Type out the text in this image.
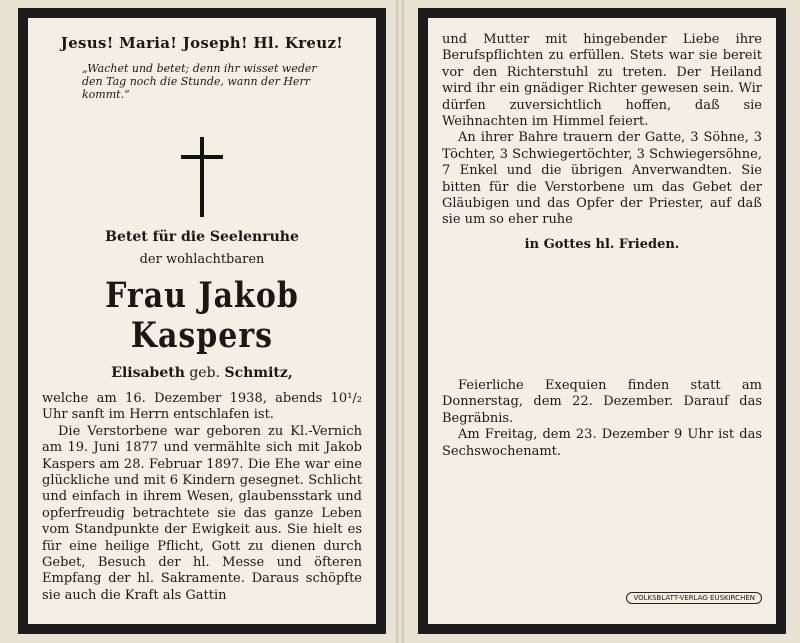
Jesus! Maria! Joseph! Hl. Kreuz!
„Wachet und betet; denn ihr wisset weder den Tag noch die Stunde, wann der Herr kommt.“
Betet für die Seelenruhe
der wohlachtbaren
Frau Jakob Kaspers
Elisabeth geb. Schmitz,

welche am 16. Dezember 1938, abends 10¹/₂ Uhr sanft im Herrn entschlafen ist.

Die Verstorbene war geboren zu Kl.-Vernich am 19. Juni 1877 und vermählte sich mit Jakob Kaspers am 28. Februar 1897. Die Ehe war eine glückliche und mit 6 Kindern gesegnet. Schlicht und einfach in ihrem Wesen, glaubensstark und opferfreudig betrachtete sie das ganze Leben vom Standpunkte der Ewigkeit aus. Sie hielt es für eine heilige Pflicht, Gott zu dienen durch Gebet, Besuch der hl. Messe und öfteren Empfang der hl. Sakramente. Daraus schöpfte sie auch die Kraft als Gattin

und Mutter mit hingebender Liebe ihre Berufspflichten zu erfüllen. Stets war sie bereit vor den Richterstuhl zu treten. Der Heiland wird ihr ein gnädiger Richter gewesen sein. Wir dürfen zuversichtlich hoffen, daß sie Weihnachten im Himmel feiert.

An ihrer Bahre trauern der Gatte, 3 Söhne, 3 Töchter, 3 Schwiegertöchter, 3 Schwiegersöhne, 7 Enkel und die übrigen Anverwandten. Sie bitten für die Verstorbene um das Gebet der Gläubigen und das Opfer der Priester, auf daß sie um so eher ruhe

in Gottes hl. Frieden.

Feierliche Exequien finden statt am Donnerstag, dem 22. Dezember. Darauf das Begräbnis.

Am Freitag, dem 23. Dezember 9 Uhr ist das Sechswochenamt.

VOLKSBLATT-VERLAG EUSKIRCHEN
